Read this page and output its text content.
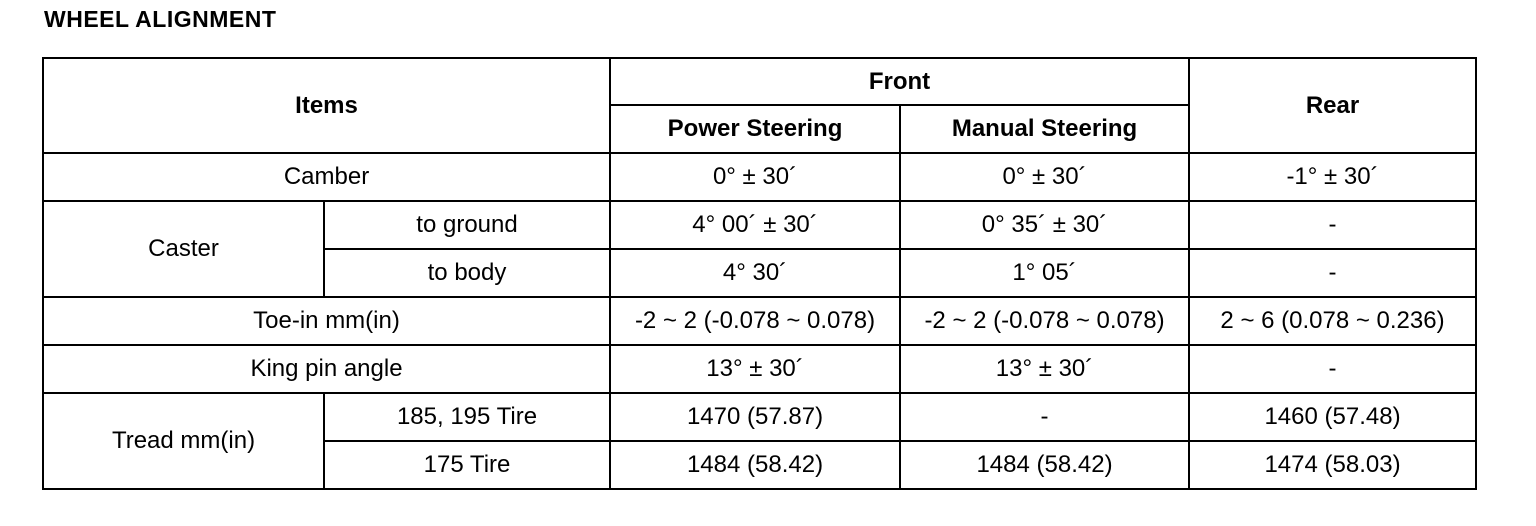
WHEEL ALIGNMENT
Items		Front		Rear
		Power Steering	Manual Steering	
Camber		0° ± 30´	0° ± 30´	-1° ± 30´
Caster	to ground	4° 00´ ± 30´	0° 35´ ± 30´	-
	to body	4° 30´	1° 05´	-
Toe-in mm(in)		-2 ~ 2 (-0.078 ~ 0.078)	-2 ~ 2 (-0.078 ~ 0.078)	2 ~ 6 (0.078 ~ 0.236)
King pin angle		13° ± 30´	13° ± 30´	-
Tread mm(in)	185, 195 Tire	1470 (57.87)	-	1460 (57.48)
	175 Tire	1484 (58.42)	1484 (58.42)	1474 (58.03)
